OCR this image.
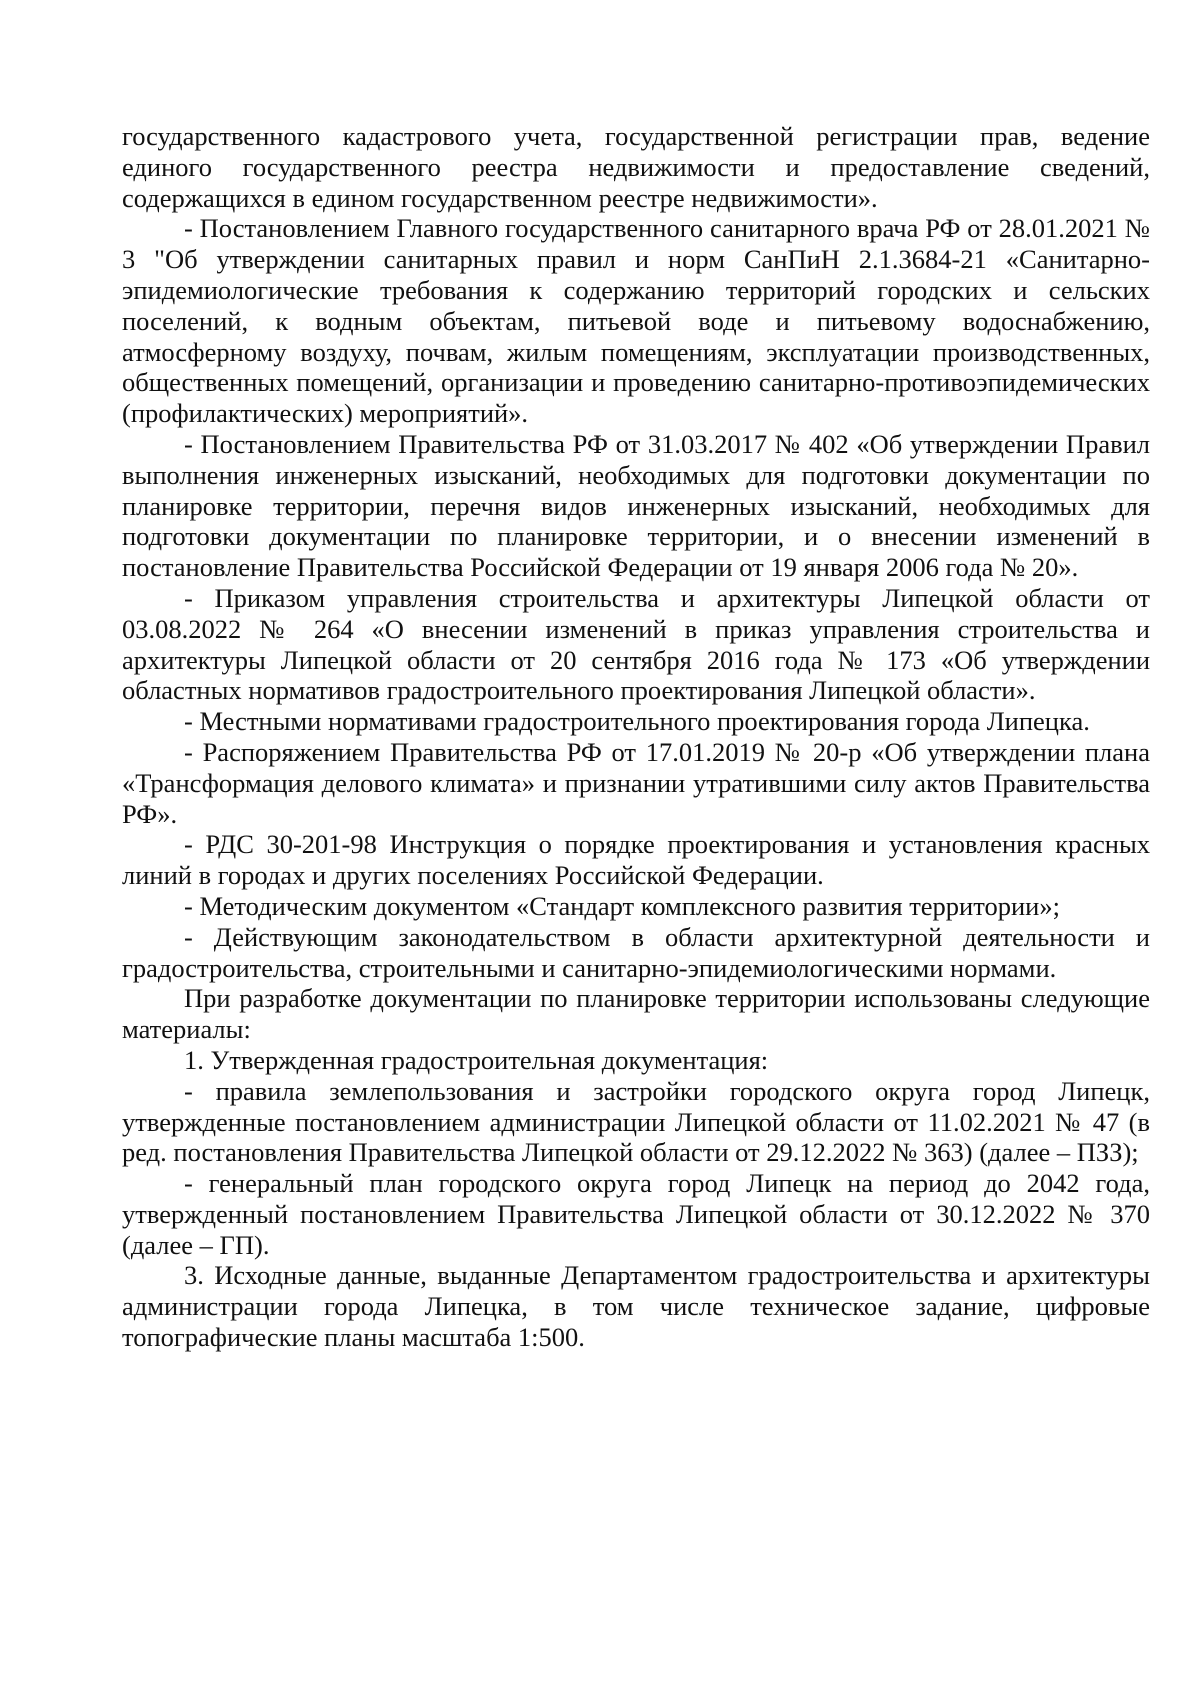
государственного кадастрового учета, государственной регистрации прав, ведение единого государственного реестра недвижимости и предоставление сведений, содержащихся в едином государственном реестре недвижимости».

- Постановлением Главного государственного санитарного врача РФ от 28.01.2021 № 3 "Об утверждении санитарных правил и норм СанПиН 2.1.3684-21 «Санитарно-эпидемиологические требования к содержанию территорий городских и сельских поселений, к водным объектам, питьевой воде и питьевому водоснабжению, атмосферному воздуху, почвам, жилым помещениям, эксплуатации производственных, общественных помещений, организации и проведению санитарно-противоэпидемических (профилактических) мероприятий».

- Постановлением Правительства РФ от 31.03.2017 № 402 «Об утверждении Правил выполнения инженерных изысканий, необходимых для подготовки документации по планировке территории, перечня видов инженерных изысканий, необходимых для подготовки документации по планировке территории, и о внесении изменений в постановление Правительства Российской Федерации от 19 января 2006 года № 20».

- Приказом управления строительства и архитектуры Липецкой области от 03.08.2022 № 264 «О внесении изменений в приказ управления строительства и архитектуры Липецкой области от 20 сентября 2016 года № 173 «Об утверждении областных нормативов градостроительного проектирования Липецкой области».

- Местными нормативами градостроительного проектирования города Липецка.

- Распоряжением Правительства РФ от 17.01.2019 № 20-р «Об утверждении плана «Трансформация делового климата» и признании утратившими силу актов Правительства РФ».

- РДС 30-201-98 Инструкция о порядке проектирования и установления красных линий в городах и других поселениях Российской Федерации.

- Методическим документом «Стандарт комплексного развития территории»;

- Действующим законодательством в области архитектурной деятельности и градостроительства, строительными и санитарно-эпидемиологическими нормами.

При разработке документации по планировке территории использованы следующие материалы:

1. Утвержденная градостроительная документация:

- правила землепользования и застройки городского округа город Липецк, утвержденные постановлением администрации Липецкой области от 11.02.2021 № 47 (в ред. постановления Правительства Липецкой области от 29.12.2022 № 363) (далее – ПЗЗ);

- генеральный план городского округа город Липецк на период до 2042 года, утвержденный постановлением Правительства Липецкой области от 30.12.2022 № 370 (далее – ГП).

3. Исходные данные, выданные Департаментом градостроительства и архитектуры администрации города Липецка, в том числе техническое задание, цифровые топографические планы масштаба 1:500.
